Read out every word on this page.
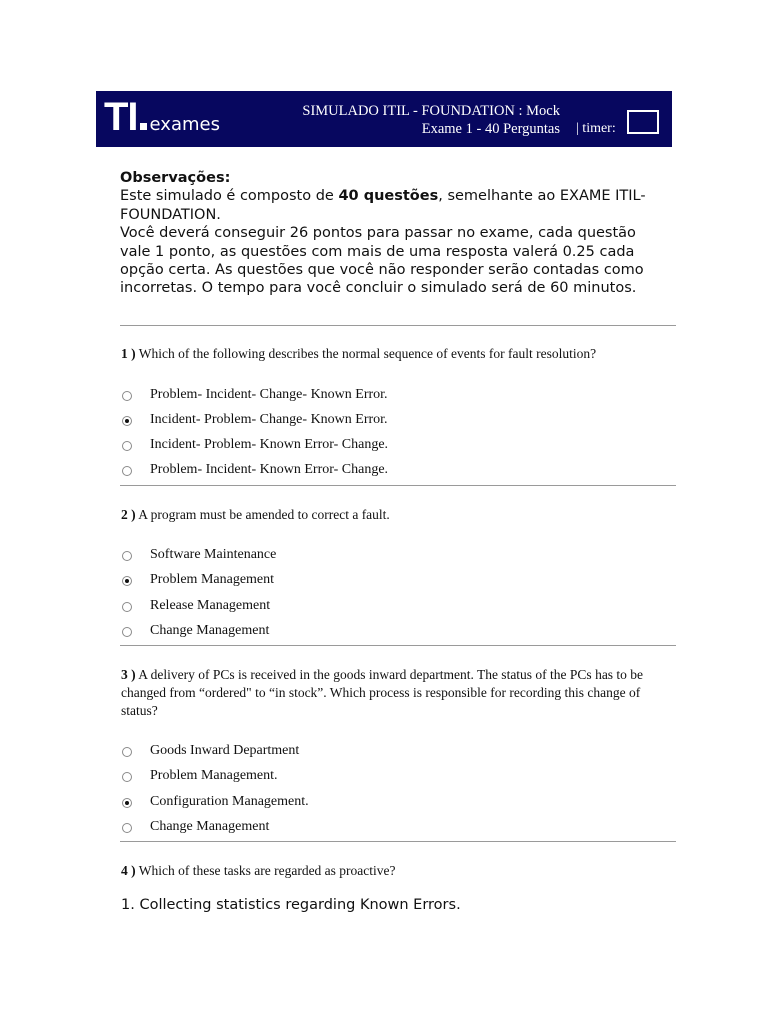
TI exames
SIMULADO ITIL - FOUNDATION : Mock
Exame 1 - 40 Perguntas | timer:
Observações:
Este simulado é composto de 40 questões, semelhante ao EXAME ITIL-FOUNDATION.
Você deverá conseguir 26 pontos para passar no exame, cada questão vale 1 ponto, as questões com mais de uma resposta valerá 0.25 cada opção certa. As questões que você não responder serão contadas como incorretas. O tempo para você concluir o simulado será de 60 minutos.
1 ) Which of the following describes the normal sequence of events for fault resolution?
Problem- Incident- Change- Known Error.
Incident- Problem- Change- Known Error.
Incident- Problem- Known Error- Change.
Problem- Incident- Known Error- Change.
2 ) A program must be amended to correct a fault.
Software Maintenance
Problem Management
Release Management
Change Management
3 ) A delivery of PCs is received in the goods inward department. The status of the PCs has to be changed from “ordered" to “in stock”. Which process is responsible for recording this change of status?
Goods Inward Department
Problem Management.
Configuration Management.
Change Management
4 ) Which of these tasks are regarded as proactive?
1. Collecting statistics regarding Known Errors.
